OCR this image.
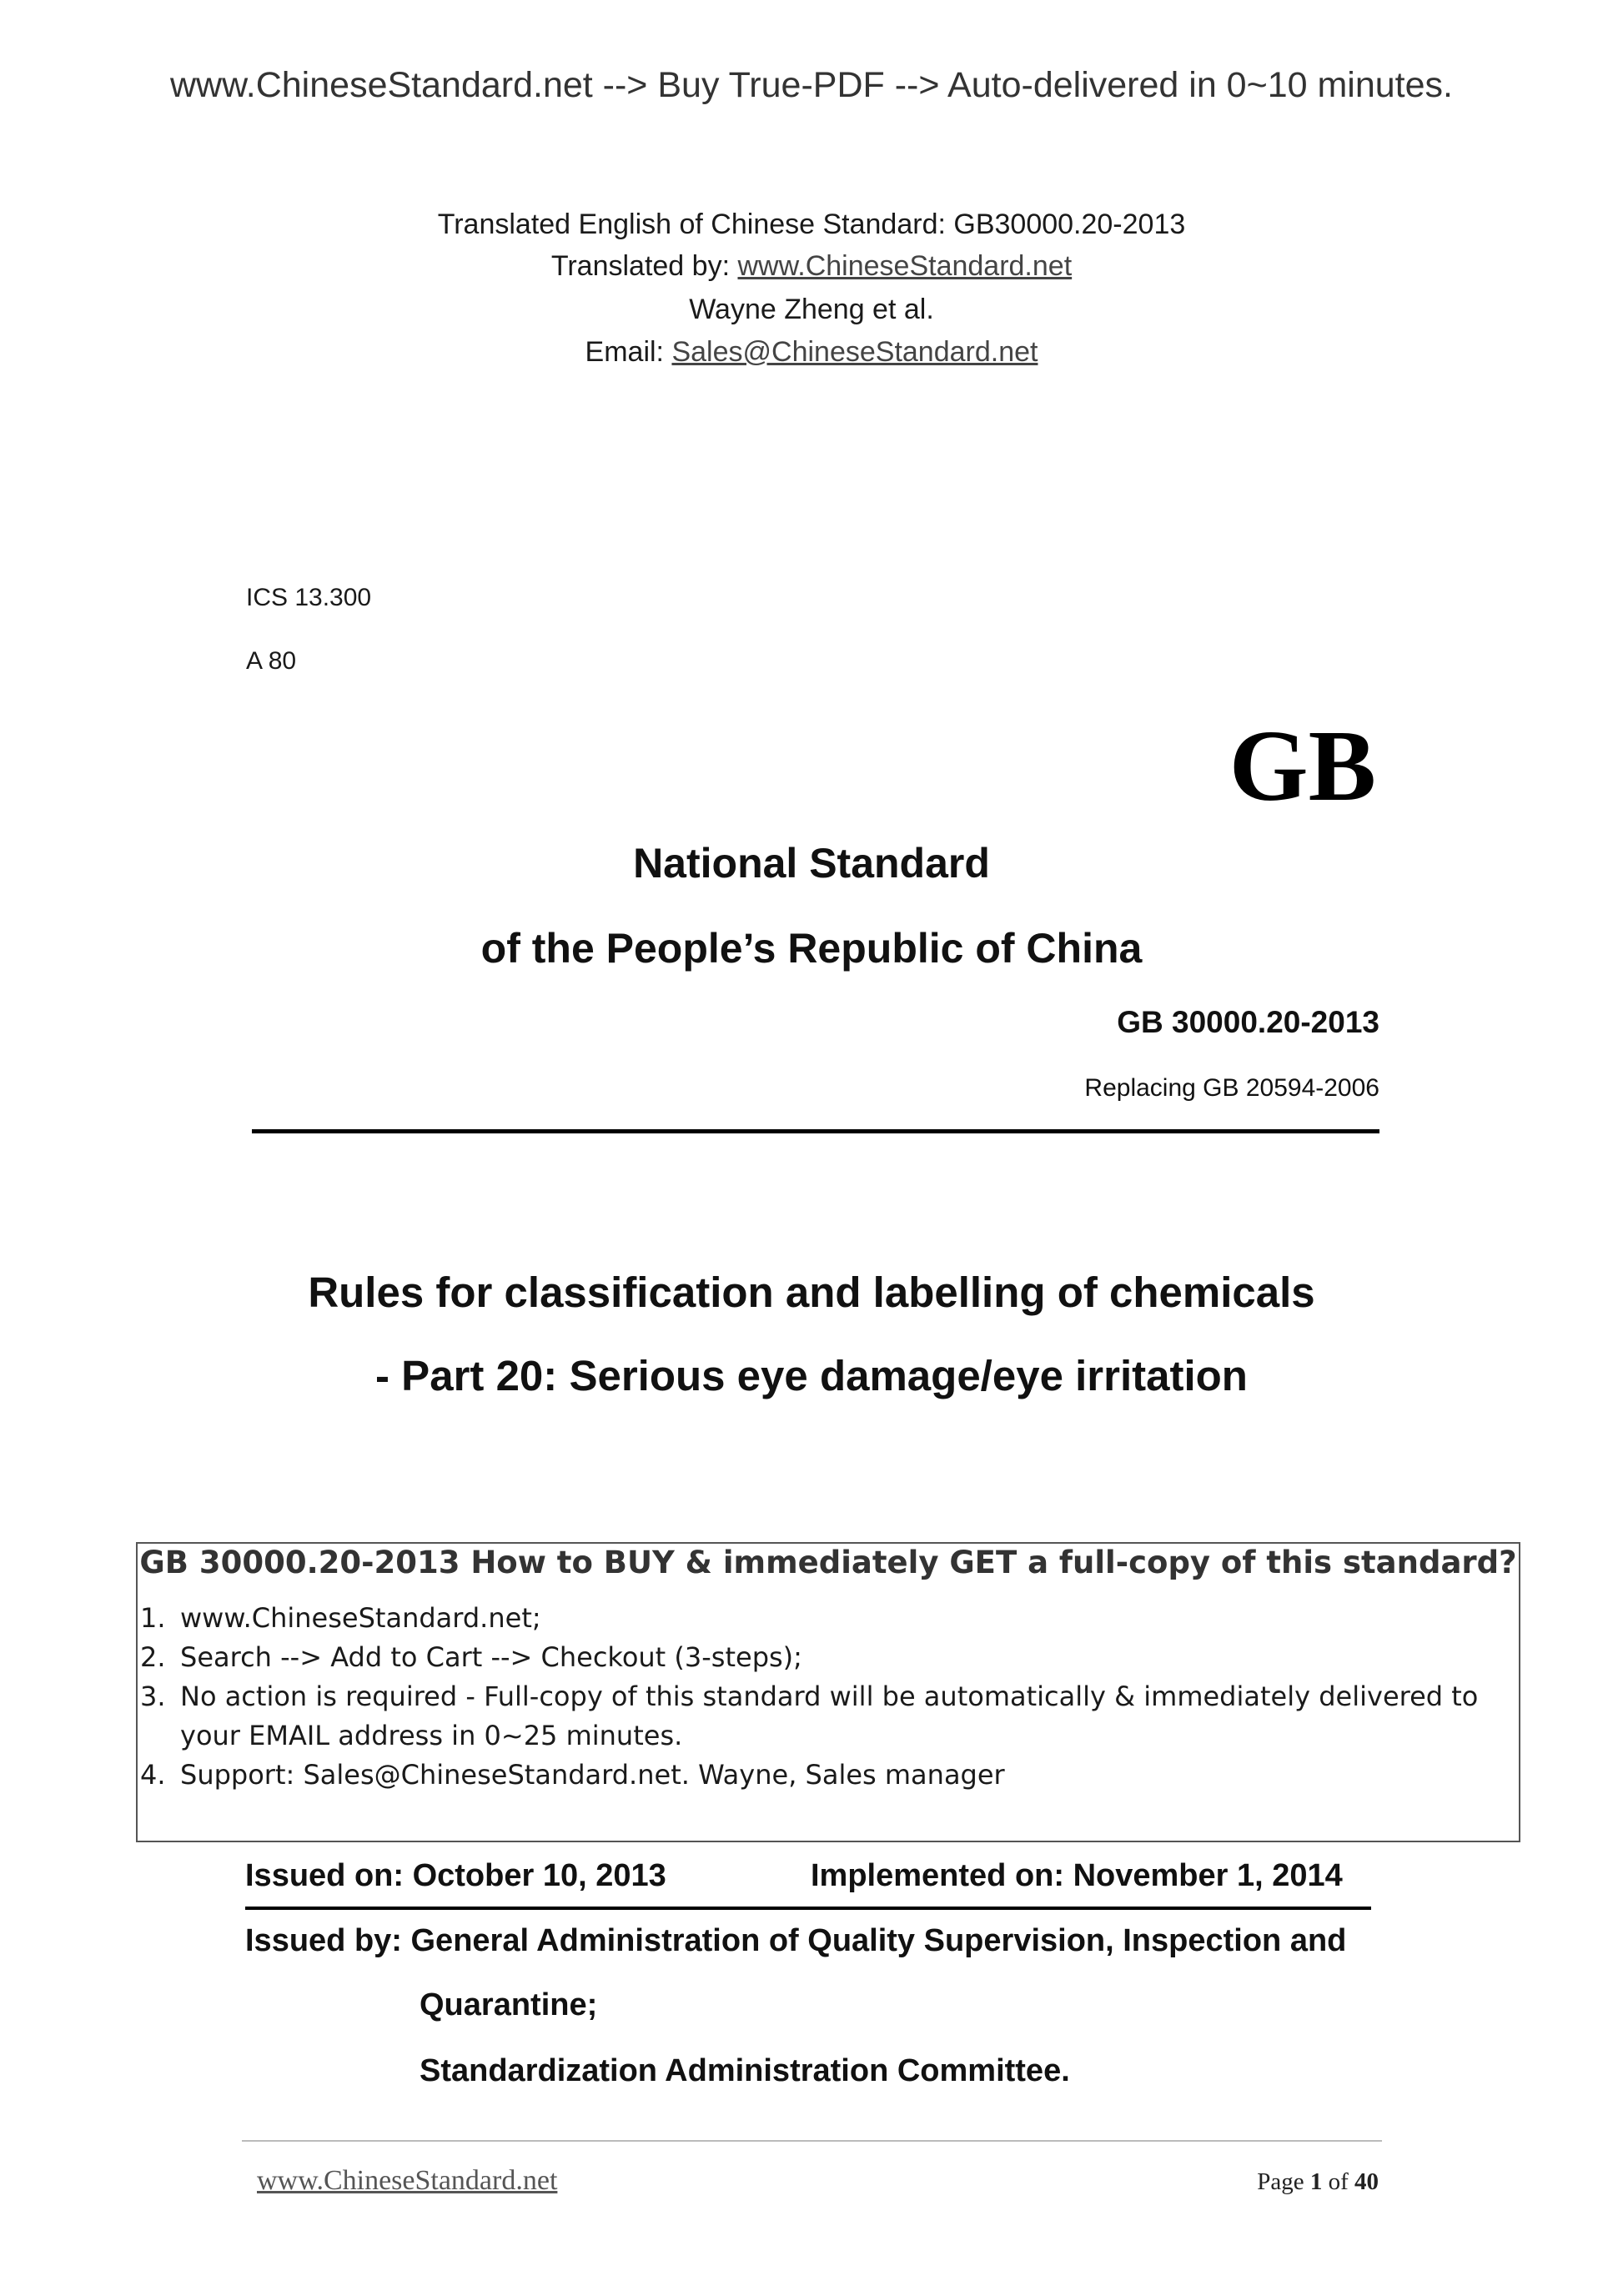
www.ChineseStandard.net --> Buy True-PDF --> Auto-delivered in 0~10 minutes.
Translated English of Chinese Standard: GB30000.20-2013
Translated by: www.ChineseStandard.net
Wayne Zheng et al.
Email: Sales@ChineseStandard.net
ICS 13.300
A 80
GB
National Standard
of the People’s Republic of China
GB 30000.20-2013
Replacing GB 20594-2006
Rules for classification and labelling of chemicals
- Part 20: Serious eye damage/eye irritation
GB 30000.20-2013 How to BUY & immediately GET a full-copy of this standard?
1. www.ChineseStandard.net;
2. Search --> Add to Cart --> Checkout (3-steps);
3. No action is required - Full-copy of this standard will be automatically & immediately delivered to
your EMAIL address in 0~25 minutes.
4. Support: Sales@ChineseStandard.net. Wayne, Sales manager
Issued on: October 10, 2013	Implemented on: November 1, 2014
Issued by: General Administration of Quality Supervision, Inspection and
Quarantine;
Standardization Administration Committee.
www.ChineseStandard.net	Page 1 of 40
